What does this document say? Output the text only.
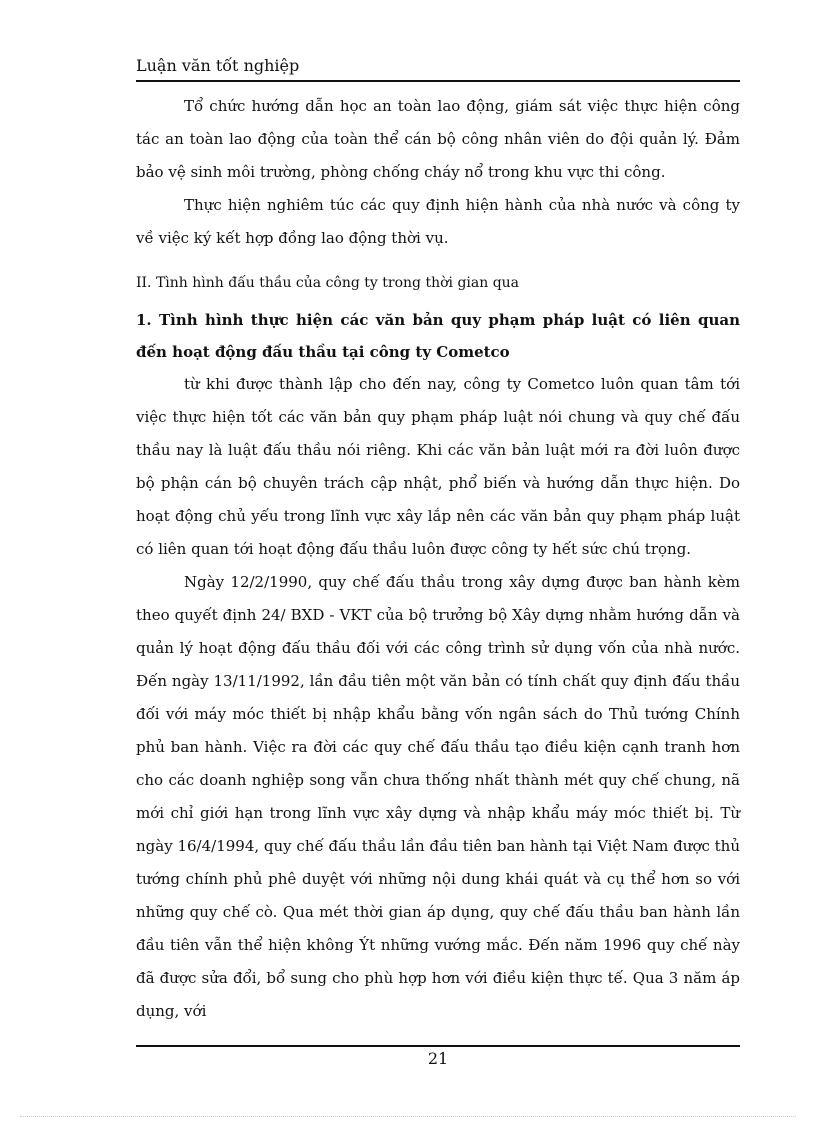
Luận văn tốt nghiệp

Tổ chức hướng dẫn học an toàn lao động, giám sát việc thực hiện công tác an toàn lao động của toàn thể cán bộ công nhân viên do đội quản lý. Đảm bảo vệ sinh môi trường, phòng chống cháy nổ trong khu vực thi công.

Thực hiện nghiêm túc các quy định hiện hành của nhà nước và công ty về việc ký kết hợp đồng lao động thời vụ.

II. Tình hình đấu thầu của công ty trong thời gian qua

1. Tình hình thực hiện các văn bản quy phạm pháp luật có liên quan đến hoạt động đấu thầu tại công ty Cometco

từ khi được thành lập cho đến nay, công ty Cometco luôn quan tâm tới việc thực hiện tốt các văn bản quy phạm pháp luật nói chung và quy chế đấu thầu nay là luật đấu thầu nói riêng. Khi các văn bản luật mới ra đời luôn được bộ phận cán bộ chuyên trách cập nhật, phổ biến và hướng dẫn thực hiện. Do hoạt động chủ yếu trong lĩnh vực xây lắp nên các văn bản quy phạm pháp luật có liên quan tới hoạt động đấu thầu luôn được công ty hết sức chú trọng.

Ngày 12/2/1990, quy chế đấu thầu trong xây dựng được ban hành kèm theo quyết định 24/ BXD - VKT của bộ trưởng bộ Xây dựng nhằm hướng dẫn và quản lý hoạt động đấu thầu đối với các công trình sử dụng vốn của nhà nước. Đến ngày 13/11/1992, lần đầu tiên một văn bản có tính chất quy định đấu thầu đối với máy móc thiết bị nhập khẩu bằng vốn ngân sách do Thủ tướng Chính phủ ban hành. Việc ra đời các quy chế đấu thầu tạo điều kiện cạnh tranh hơn cho các doanh nghiệp song vẫn chưa thống nhất thành mét quy chế chung, nã mới chỉ giới hạn trong lĩnh vực xây dựng và nhập khẩu máy móc thiết bị. Từ ngày 16/4/1994, quy chế đấu thầu lần đầu tiên ban hành tại Việt Nam được thủ tướng chính phủ phê duyệt với những nội dung khái quát và cụ thể hơn so với những quy chế cò. Qua mét thời gian áp dụng, quy chế đấu thầu ban hành lần đầu tiên vẫn thể hiện không Ýt những vướng mắc. Đến năm 1996 quy chế này đã được sửa đổi, bổ sung cho phù hợp hơn với điều kiện thực tế. Qua 3 năm áp dụng, với

21
